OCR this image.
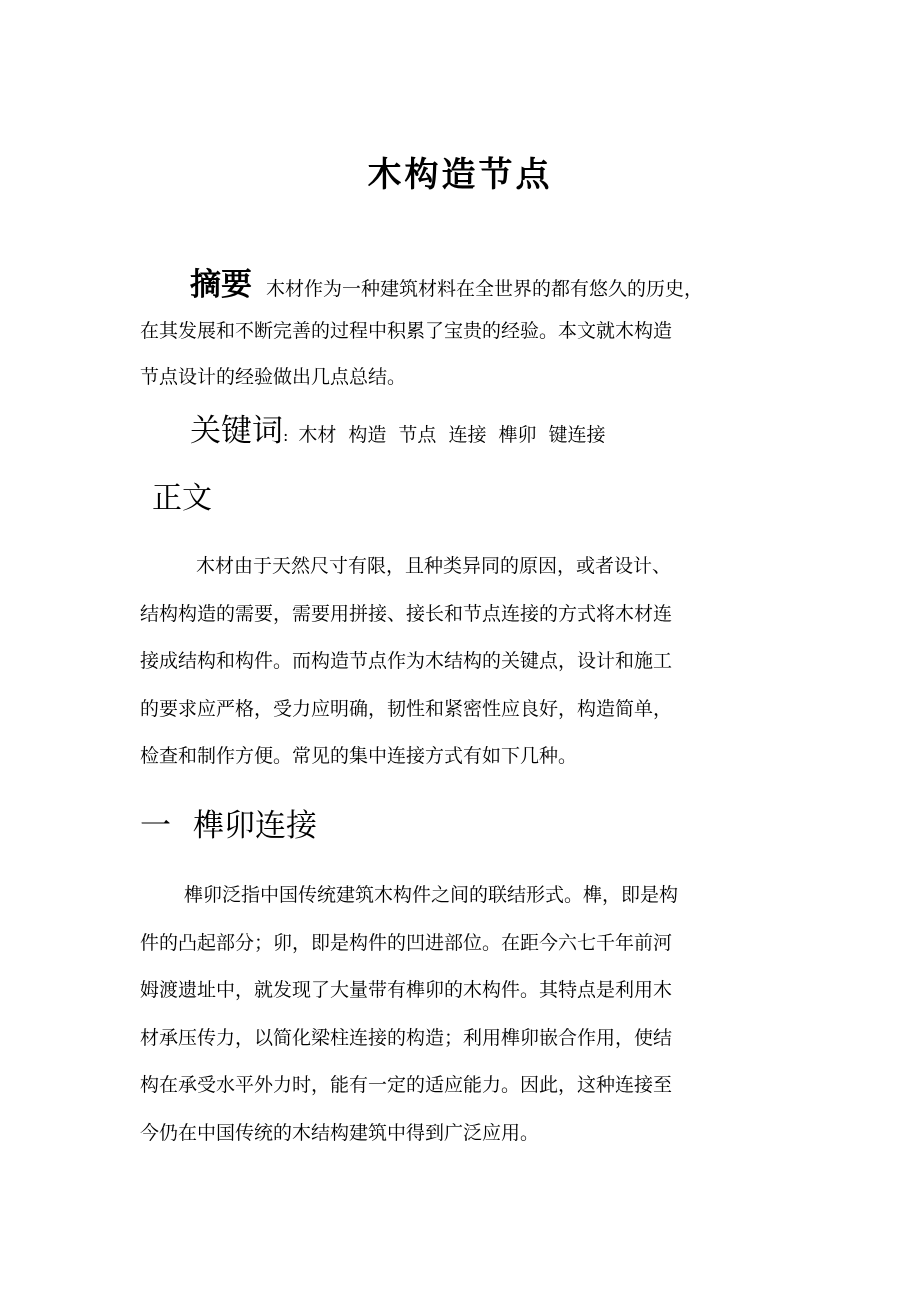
木构造节点
摘要 木材作为一种建筑材料在全世界的都有悠久的历史，
在其发展和不断完善的过程中积累了宝贵的经验。本文就木构造
节点设计的经验做出几点总结。
关键词: 木材 构造 节点 连接 榫卯 键连接
正文
木材由于天然尺寸有限，且种类异同的原因，或者设计、
结构构造的需要，需要用拼接、接长和节点连接的方式将木材连
接成结构和构件。而构造节点作为木结构的关键点，设计和施工
的要求应严格，受力应明确，韧性和紧密性应良好，构造简单，
检查和制作方便。常见的集中连接方式有如下几种。
一 榫卯连接
榫卯泛指中国传统建筑木构件之间的联结形式。榫，即是构
件的凸起部分；卯，即是构件的凹进部位。在距今六七千年前河
姆渡遗址中，就发现了大量带有榫卯的木构件。其特点是利用木
材承压传力，以简化梁柱连接的构造；利用榫卯嵌合作用，使结
构在承受水平外力时，能有一定的适应能力。因此，这种连接至
今仍在中国传统的木结构建筑中得到广泛应用。
